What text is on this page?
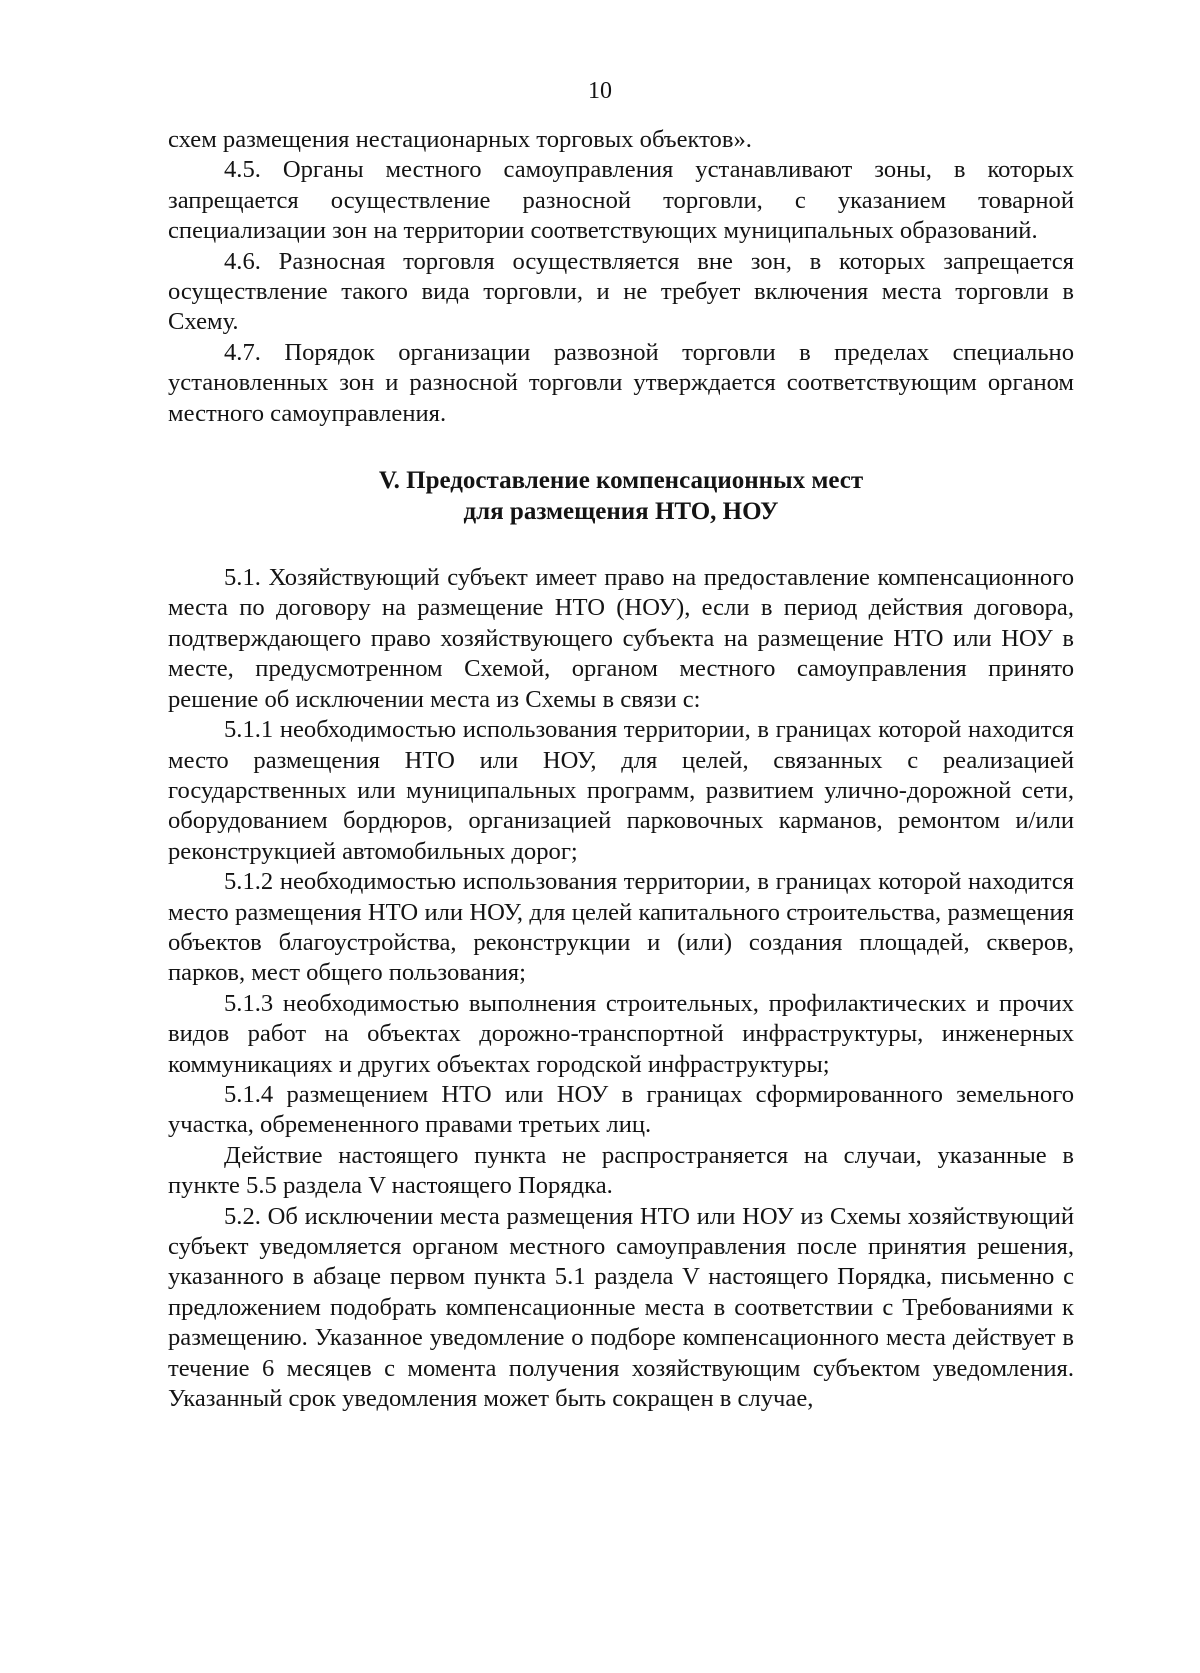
10

схем размещения нестационарных торговых объектов».

4.5. Органы местного самоуправления устанавливают зоны, в которых запрещается осуществление разносной торговли, с указанием товарной специализации зон на территории соответствующих муниципальных образований.

4.6. Разносная торговля осуществляется вне зон, в которых запрещается осуществление такого вида торговли, и не требует включения места торговли в Схему.

4.7. Порядок организации развозной торговли в пределах специально установленных зон и разносной торговли утверждается соответствующим органом местного самоуправления.

V. Предоставление компенсационных мест
для размещения НТО, НОУ

5.1. Хозяйствующий субъект имеет право на предоставление компенсационного места по договору на размещение НТО (НОУ), если в период действия договора, подтверждающего право хозяйствующего субъекта на размещение НТО или НОУ в месте, предусмотренном Схемой, органом местного самоуправления принято решение об исключении места из Схемы в связи с:

5.1.1 необходимостью использования территории, в границах которой находится место размещения НТО или НОУ, для целей, связанных с реализацией государственных или муниципальных программ, развитием улично-дорожной сети, оборудованием бордюров, организацией парковочных карманов, ремонтом и/или реконструкцией автомобильных дорог;

5.1.2 необходимостью использования территории, в границах которой находится место размещения НТО или НОУ, для целей капитального строительства, размещения объектов благоустройства, реконструкции и (или) создания площадей, скверов, парков, мест общего пользования;

5.1.3 необходимостью выполнения строительных, профилактических и прочих видов работ на объектах дорожно-транспортной инфраструктуры, инженерных коммуникациях и других объектах городской инфраструктуры;

5.1.4 размещением НТО или НОУ в границах сформированного земельного участка, обремененного правами третьих лиц.

Действие настоящего пункта не распространяется на случаи, указанные в пункте 5.5 раздела V настоящего Порядка.

5.2. Об исключении места размещения НТО или НОУ из Схемы хозяйствующий субъект уведомляется органом местного самоуправления после принятия решения, указанного в абзаце первом пункта 5.1 раздела V настоящего Порядка, письменно с предложением подобрать компенсационные места в соответствии с Требованиями к размещению. Указанное уведомление о подборе компенсационного места действует в течение 6 месяцев с момента получения хозяйствующим субъектом уведомления. Указанный срок уведомления может быть сокращен в случае,
